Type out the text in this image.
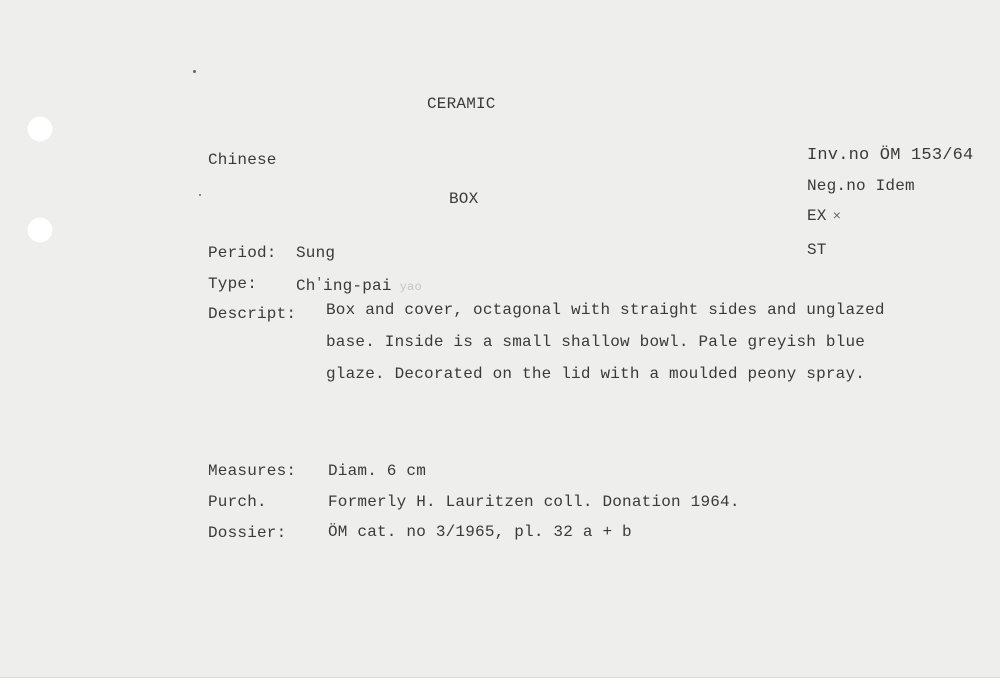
CERAMIC
Chinese
BOX
Inv.no ÖM 153/64
Neg.no Idem
EX ×
ST
Period: Sung
Type: Ch'ing-pai yao
Descript: Box and cover, octagonal with straight sides and unglazed
base. Inside is a small shallow bowl. Pale greyish blue
glaze. Decorated on the lid with a moulded peony spray.
Measures: Diam. 6 cm
Purch.	Formerly H. Lauritzen coll. Donation 1964.
Dossier:	ÖM cat. no 3/1965, pl. 32 a + b
